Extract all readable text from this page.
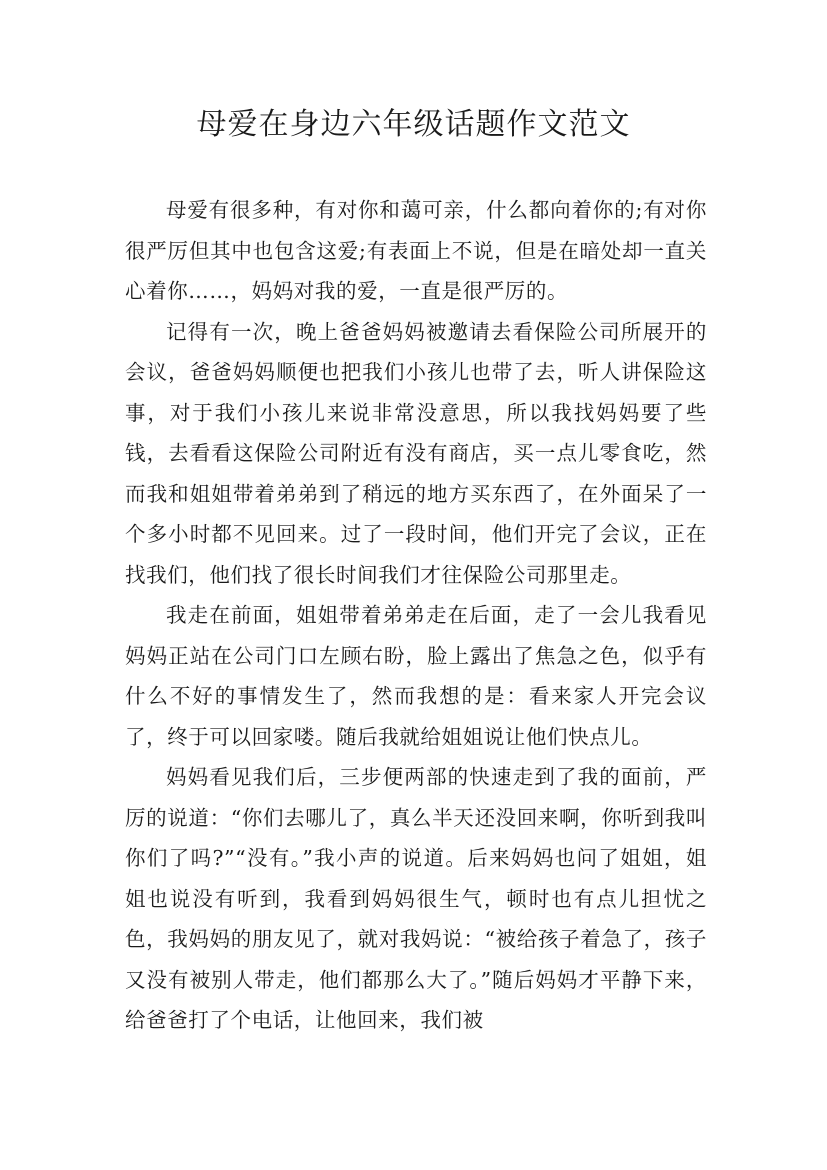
母爱在身边六年级话题作文范文

母爱有很多种，有对你和蔼可亲，什么都向着你的;有对你很严厉但其中也包含这爱;有表面上不说，但是在暗处却一直关心着你……，妈妈对我的爱，一直是很严厉的。

记得有一次，晚上爸爸妈妈被邀请去看保险公司所展开的会议，爸爸妈妈顺便也把我们小孩儿也带了去，听人讲保险这事，对于我们小孩儿来说非常没意思，所以我找妈妈要了些钱，去看看这保险公司附近有没有商店，买一点儿零食吃，然而我和姐姐带着弟弟到了稍远的地方买东西了，在外面呆了一个多小时都不见回来。过了一段时间，他们开完了会议，正在找我们，他们找了很长时间我们才往保险公司那里走。

我走在前面，姐姐带着弟弟走在后面，走了一会儿我看见妈妈正站在公司门口左顾右盼，脸上露出了焦急之色，似乎有什么不好的事情发生了，然而我想的是：看来家人开完会议了，终于可以回家喽。随后我就给姐姐说让他们快点儿。

妈妈看见我们后，三步便两部的快速走到了我的面前，严厉的说道：“你们去哪儿了，真么半天还没回来啊，你听到我叫你们了吗?”“没有。”我小声的说道。后来妈妈也问了姐姐，姐姐也说没有听到，我看到妈妈很生气，顿时也有点儿担忧之色，我妈妈的朋友见了，就对我妈说：“被给孩子着急了，孩子又没有被别人带走，他们都那么大了。”随后妈妈才平静下来，给爸爸打了个电话，让他回来，我们被
